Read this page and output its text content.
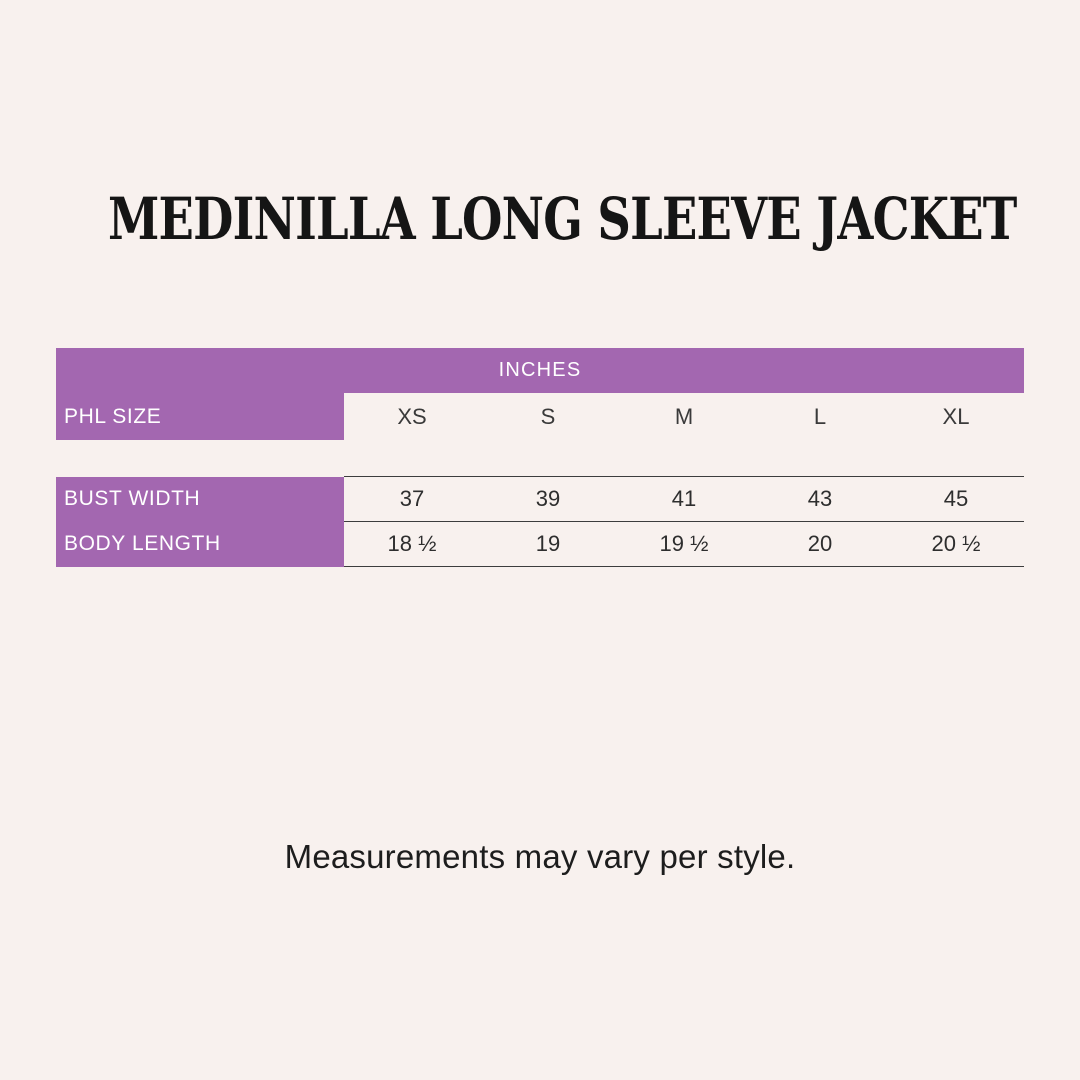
MEDINILLA LONG SLEEVE JACKET
INCHES					
PHL SIZE	XS	S	M	L	XL

BUST WIDTH	37	39	41	43	45
BODY LENGTH	18 ½	19	19 ½	20	20 ½
Measurements may vary per style.
